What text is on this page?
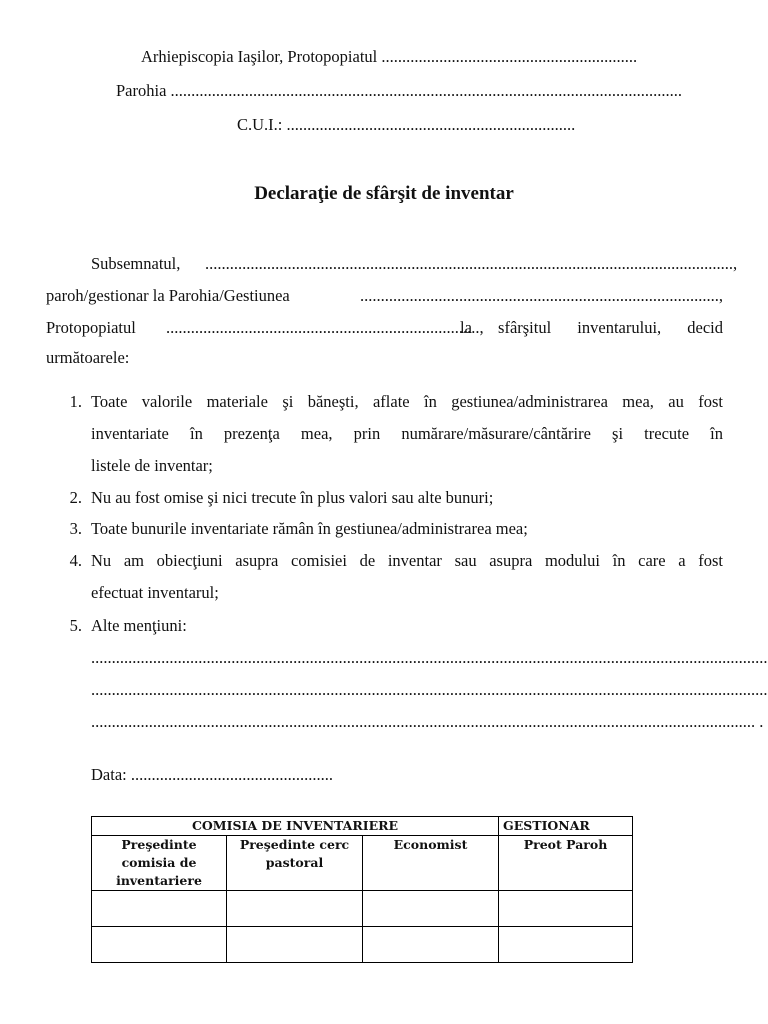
Arhiepiscopia Iaşilor, Protopopiatul ..............................................................
Parohia ............................................................................................................................
C.U.I.: ......................................................................
Declaraţie de sfârşit de inventar
Subsemnatul, ................................................................................................................................,
paroh/gestionar la Parohia/Gestiunea	.......................................................................................,
Protopopiatul ............................................................................,
la sfârşitul inventarului, decid
următoarele:
1. Toate valorile materiale şi băneşti, aflate în gestiunea/administrarea mea, au fost
inventariate în prezenţa mea, prin numărare/măsurare/cântărire şi trecute în
listele de inventar;
2. Nu au fost omise şi nici trecute în plus valori sau alte bunuri;
3. Toate bunurile inventariate rămân în gestiunea/administrarea mea;
4. Nu am obiecţiuni asupra comisiei de inventar sau asupra modului în care a fost
efectuat inventarul;
5. Alte menţiuni:
....................................................................................................................................................................
....................................................................................................................................................................
................................................................................................................................................................. .
Data: .................................................
COMISIA DE INVENTARIERE			GESTIONAR
Preşedinte comisia de inventariere	Preşedinte cerc pastoral	Economist	Preot Paroh
